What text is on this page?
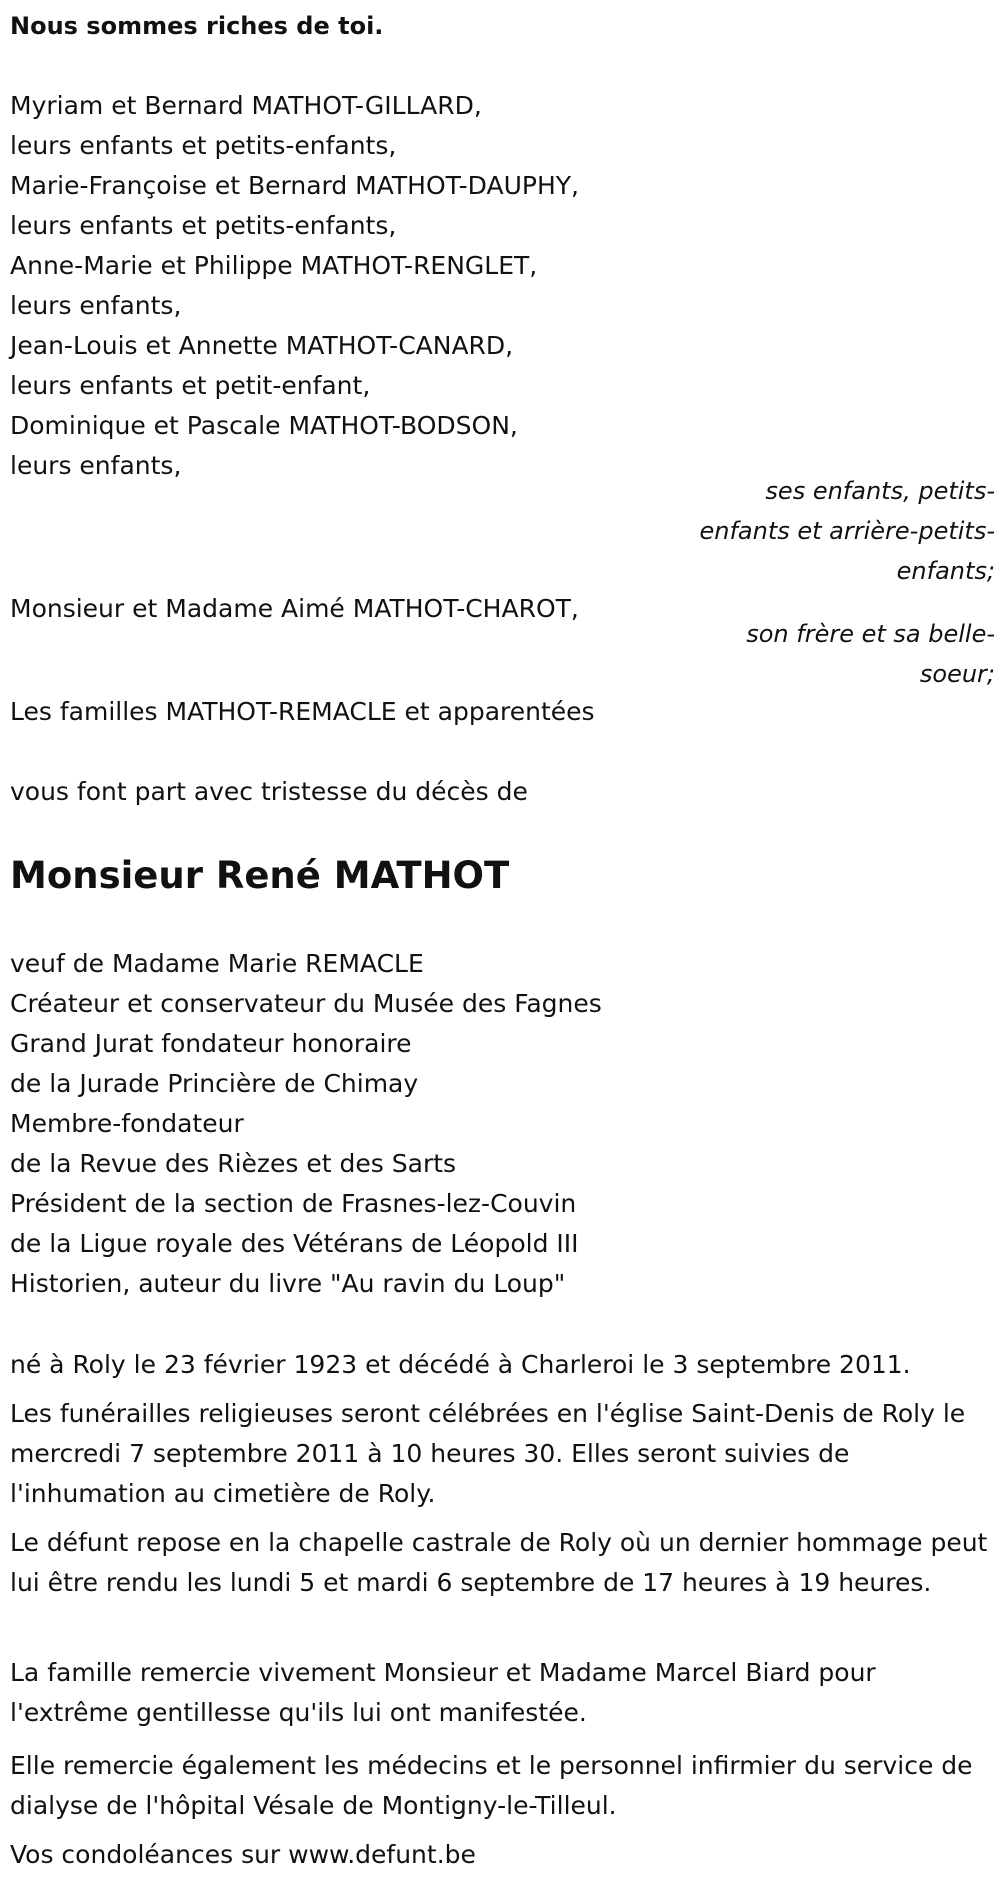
Nous sommes riches de toi.

Myriam et Bernard MATHOT-GILLARD,
leurs enfants et petits-enfants,
Marie-Françoise et Bernard MATHOT-DAUPHY,
leurs enfants et petits-enfants,
Anne-Marie et Philippe MATHOT-RENGLET,
leurs enfants,
Jean-Louis et Annette MATHOT-CANARD,
leurs enfants et petit-enfant,
Dominique et Pascale MATHOT-BODSON,
leurs enfants,

ses enfants, petits-enfants et arrière-petits-enfants;

Monsieur et Madame Aimé MATHOT-CHAROT,

son frère et sa belle-soeur;

Les familles MATHOT-REMACLE et apparentées

vous font part avec tristesse du décès de

Monsieur René MATHOT
veuf de Madame Marie REMACLE
Créateur et conservateur du Musée des Fagnes
Grand Jurat fondateur honoraire
de la Jurade Princière de Chimay
Membre-fondateur
de la Revue des Rièzes et des Sarts
Président de la section de Frasnes-lez-Couvin
de la Ligue royale des Vétérans de Léopold III
Historien, auteur du livre "Au ravin du Loup"

né à Roly le 23 février 1923 et décédé à Charleroi le 3 septembre 2011.

Les funérailles religieuses seront célébrées en l'église Saint-Denis de Roly le mercredi 7 septembre 2011 à 10 heures 30. Elles seront suivies de l'inhumation au cimetière de Roly.

Le défunt repose en la chapelle castrale de Roly où un dernier hommage peut lui être rendu les lundi 5 et mardi 6 septembre de 17 heures à 19 heures.

La famille remercie vivement Monsieur et Madame Marcel Biard pour l'extrême gentillesse qu'ils lui ont manifestée.

Elle remercie également les médecins et le personnel infirmier du service de dialyse de l'hôpital Vésale de Montigny-le-Tilleul.

Vos condoléances sur www.defunt.be
